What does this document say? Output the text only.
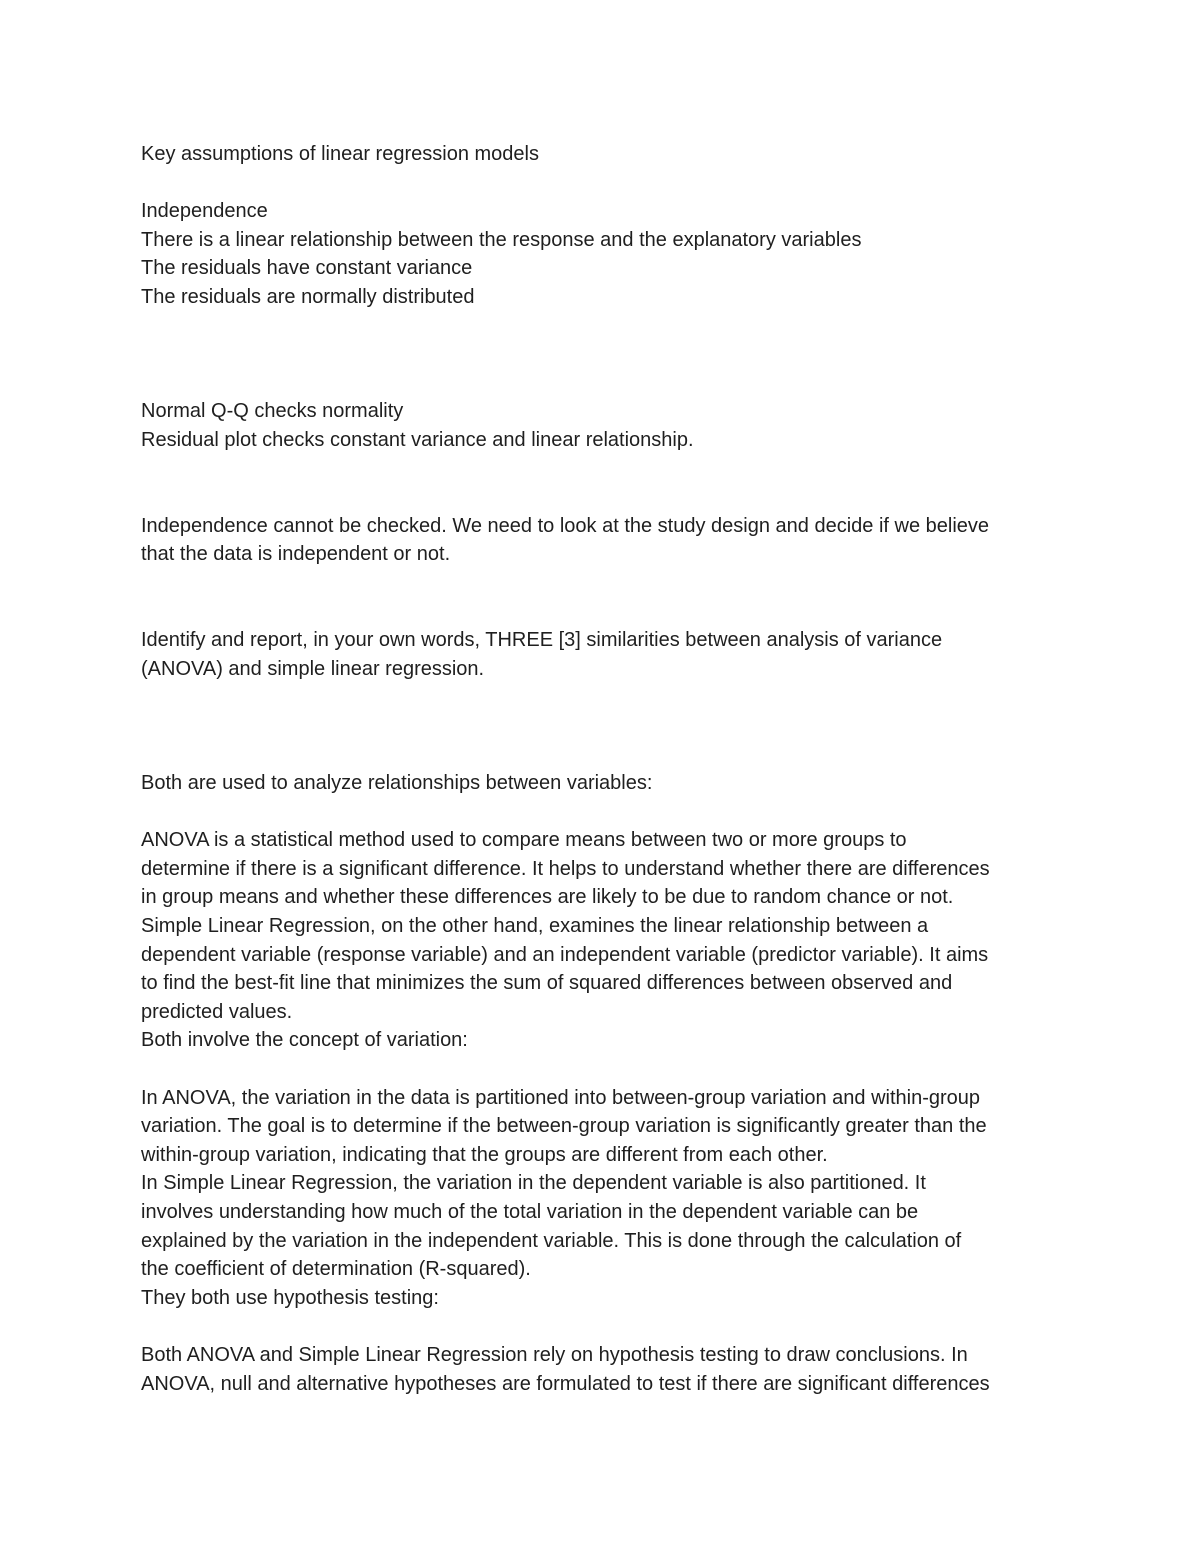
Key assumptions of linear regression models
Independence
There is a linear relationship between the response and the explanatory variables
The residuals have constant variance
The residuals are normally distributed
Normal Q-Q checks normality
Residual plot checks constant variance and linear relationship.
Independence cannot be checked. We need to look at the study design and decide if we believe
that the data is independent or not.
Identify and report, in your own words, THREE [3] similarities between analysis of variance
(ANOVA) and simple linear regression.
Both are used to analyze relationships between variables:
ANOVA is a statistical method used to compare means between two or more groups to
determine if there is a significant difference. It helps to understand whether there are differences
in group means and whether these differences are likely to be due to random chance or not.
Simple Linear Regression, on the other hand, examines the linear relationship between a
dependent variable (response variable) and an independent variable (predictor variable). It aims
to find the best-fit line that minimizes the sum of squared differences between observed and
predicted values.
Both involve the concept of variation:
In ANOVA, the variation in the data is partitioned into between-group variation and within-group
variation. The goal is to determine if the between-group variation is significantly greater than the
within-group variation, indicating that the groups are different from each other.
In Simple Linear Regression, the variation in the dependent variable is also partitioned. It
involves understanding how much of the total variation in the dependent variable can be
explained by the variation in the independent variable. This is done through the calculation of
the coefficient of determination (R-squared).
They both use hypothesis testing:
Both ANOVA and Simple Linear Regression rely on hypothesis testing to draw conclusions. In
ANOVA, null and alternative hypotheses are formulated to test if there are significant differences
